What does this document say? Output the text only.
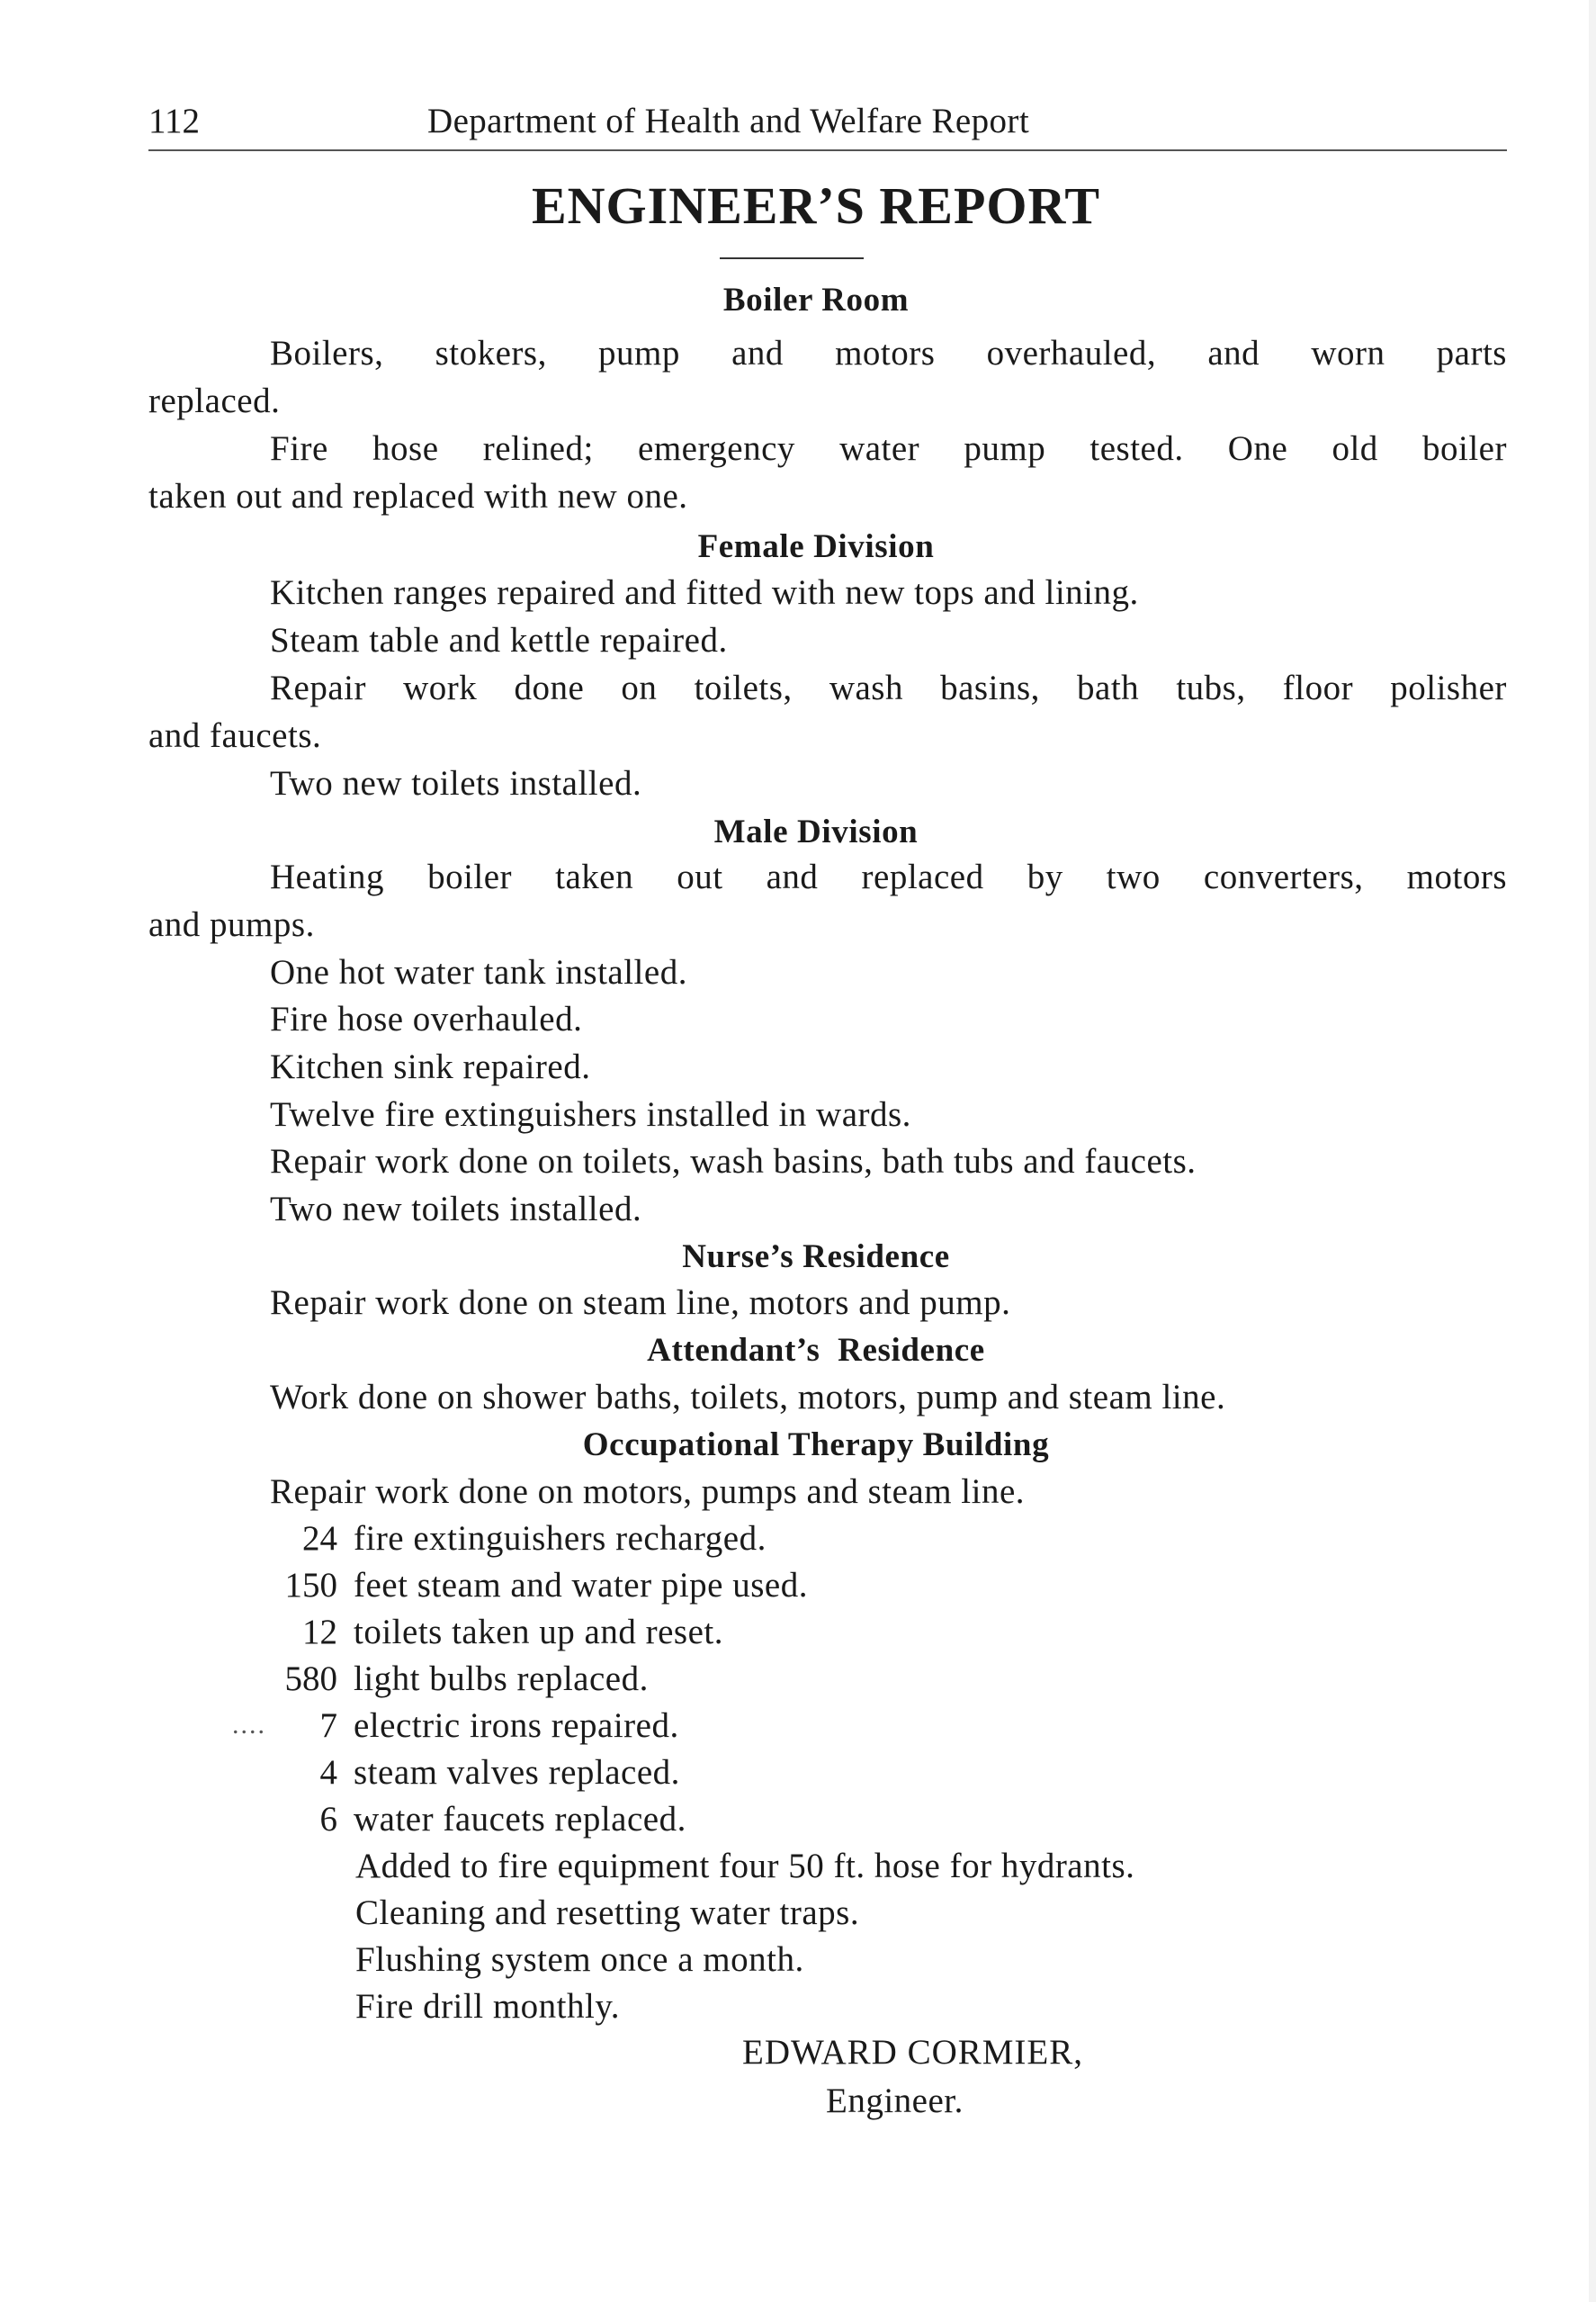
112	Department of Health and Welfare Report
ENGINEER’S REPORT
Boiler Room
Boilers, stokers, pump and motors overhauled, and worn parts
replaced.
Fire hose relined; emergency water pump tested. One old boiler
taken out and replaced with new one.
Female Division
Kitchen ranges repaired and fitted with new tops and lining.
Steam table and kettle repaired.
Repair work done on toilets, wash basins, bath tubs, floor polisher
and faucets.
Two new toilets installed.
Male Division
Heating boiler taken out and replaced by two converters, motors
and pumps.
One hot water tank installed.
Fire hose overhauled.
Kitchen sink repaired.
Twelve fire extinguishers installed in wards.
Repair work done on toilets, wash basins, bath tubs and faucets.
Two new toilets installed.
Nurse’s Residence
Repair work done on steam line, motors and pump.
Attendant’s  Residence
Work done on shower baths, toilets, motors, pump and steam line.
Occupational Therapy Building
Repair work done on motors, pumps and steam line.
24 fire extinguishers recharged.
150 feet steam and water pipe used.
12 toilets taken up and reset.
580 light bulbs replaced.
....	7 electric irons repaired.
4 steam valves replaced.
6 water faucets replaced.
Added to fire equipment four 50 ft. hose for hydrants.
Cleaning and resetting water traps.
Flushing system once a month.
Fire drill monthly.
EDWARD CORMIER,
Engineer.
